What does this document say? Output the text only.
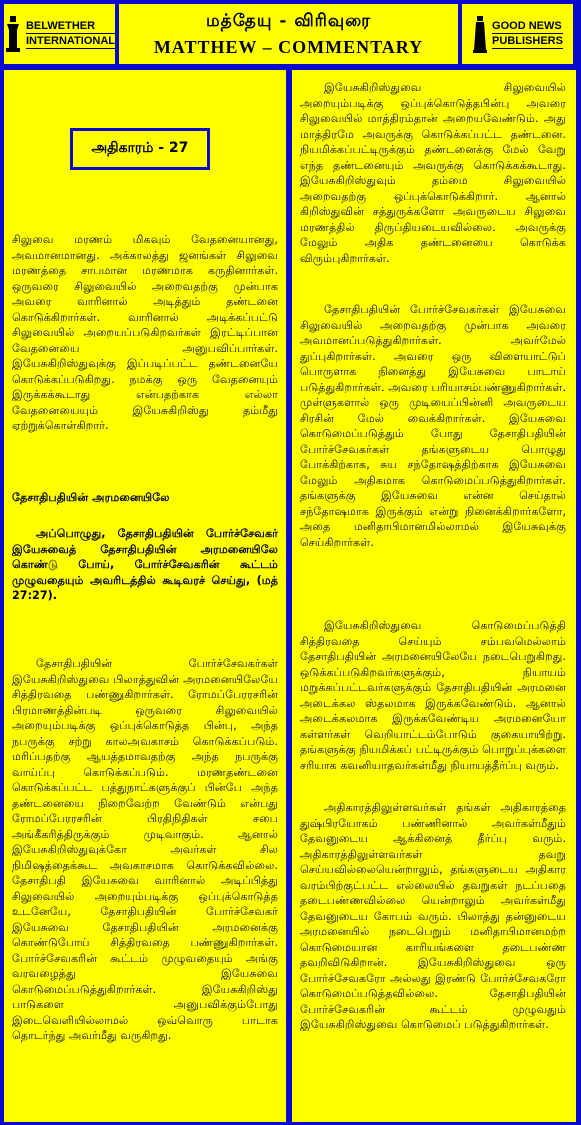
BELWETHER
INTERNATIONAL
மத்தேயு - விரிவுரை
MATTHEW – COMMENTARY
GOOD NEWS
PUBLISHERS
அதிகாரம் - 27

சிலுவை மரணம் மிகவும் வேதனையானது, அவமானமானது. அக்காலத்து ஜனங்கள் சிலுவை மரணத்தை சாபமான மரணமாக கருதினார்கள். ஒருவரை சிலுவையில் அறைவதற்கு முன்பாக அவரை வாரினால் அடித்தும் தண்டனை கொடுக்கிறார்கள். வாரினால் அடிக்கப்பட்டு சிலுவையில் அறையப்படுகிறவர்கள் இரட்டிப்பான வேதனையை அனுபவிப்பார்கள். இயேசுகிறிஸ்துவுக்கு இப்படிப்பட்ட தண்டனையே கொடுக்கப்படுகிறது. நமக்கு ஒரு வேதனையும் இருக்கக்கூடாது என்பதற்காக எல்லா வேதனையையும் இயேசுகிறிஸ்து தம்மீது ஏற்றுக்கொள்கிறார்.

தேசாதிபதியின் அரமனையிலே

அப்பொழுது, தேசாதிபதியின் போர்ச்சேவகர் இயேசுவைத் தேசாதிபதியின் அரமனையிலே கொண்டு போய், போர்ச்சேவகரின் கூட்டம் முழுவதையும் அவரிடத்தில் கூடிவரச் செய்து, (மத் 27:27).

தேசாதிபதியின் போர்ச்சேவகர்கள் இயேசுகிறிஸ்துவை பிலாத்துவின் அரமனையிலேயே சித்திரவதை பண்ணுகிறார்கள். ரோமப்பேரரசரின் பிரமாணத்தின்படி ஒருவரை சிலுவையில் அறையும்படிக்கு ஒப்புக்கொடுத்த பின்பு, அந்த நபருக்கு சற்று காலஅவகாசம் கொடுக்கப்படும். மரிப்பதற்கு ஆயத்தமாவதற்கு அந்த நபருக்கு வாய்ப்பு கொடுக்கப்படும். மரணதண்டனை கொடுக்கப்பட்ட பத்துநாட்களுக்குப் பின்பே அந்த தண்டனையை நிறைவேற்ற வேண்டும் என்பது ரோமப்பேரரசரின் பிரதிநிதிகள் சபை அங்கீகரித்திருக்கும் முடிவாகும். ஆனால் இயேசுகிறிஸ்துவுக்கோ அவர்கள் சில நிமிஷத்தைக்கூட அவகாசமாக கொடுக்கவில்லை. தேசாதிபதி இயேசுவை வாரினால் அடிப்பித்து சிலுவையில் அறையும்படிக்கு ஒப்புக்கொடுத்த உடனேயே, தேசாதிபதியின் போர்ச்சேவகர் இயேசுவை தேசாதிபதியின் அரமனைக்கு கொண்டுபோய் சித்திரவதை பண்ணுகிறார்கள். போர்ச்சேவகரின் கூட்டம் முழுவதையும் அங்கு வரவழைத்து இயேசுவை கொடுமைப்படுத்துகிறார்கள். இயேசுகிறிஸ்து பாடுகளை அனுபவிக்கும்போது இடைவெளியில்லாமல் ஒவ்வொரு பாடாக தொடர்ந்து அவர்மீது வருகிறது.

இயேசுகிறிஸ்துவை சிலுவையில் அறையும்படிக்கு ஒப்புக்கொடுத்தபின்பு அவரை சிலுவையில் மாத்திரம்தான் அறையவேண்டும். அது மாத்திரமே அவருக்கு கொடுக்கப்பட்ட தண்டனை. நியமிக்கப்பட்டிருக்கும் தண்டனைக்கு மேல் வேறு எந்த தண்டனையும் அவருக்கு கொடுக்கக்கூடாது. இயேசுகிறிஸ்துவும் தம்மை சிலுவையில் அறைவதற்கு ஒப்புக்கொடுக்கிறார். ஆனால் கிறிஸ்துவின் சத்துருக்களோ அவருடைய சிலுவை மரணத்தில் திருப்தியடையவில்லை. அவருக்கு மேலும் அதிக தண்டனையை கொடுக்க விரும்புகிறார்கள்.

தேசாதிபதியின் போர்ச்சேவகர்கள் இயேசுவை சிலுவையில் அறைவதற்கு முன்பாக அவரை அவமானப்படுத்துகிறார்கள். அவர்மேல் துப்புகிறார்கள். அவரை ஒரு விளையாட்டுப் பொருளாக நினைத்து இயேசுவை பாடாய் படுத்துகிறார்கள். அவரை பரியாசம்பண்ணுகிறார்கள். முள்ளுகளால் ஒரு முடியைப்பின்னி அவருடைய சிரசின் மேல் வைக்கிறார்கள். இயேசுவை கொடுமைப்படுத்தும் போது தேசாதிபதியின் போர்ச்சேவகர்கள் தங்களுடைய பொழுது போக்கிற்காக, சுய சந்தோஷத்திற்காக இயேசுவை மேலும் அதிகமாக கொடுமைப்படுத்துகிறார்கள். தங்களுக்கு இயேசுவை என்ன செய்தால் சந்தோஷமாக இருக்கும் என்று நினைக்கிறார்களோ, அதை மனிதாபிமானமில்லாமல் இயேசுவுக்கு செய்கிறார்கள்.

இயேசுகிறிஸ்துவை கொடுமைப்படுத்தி சித்திரவதை செய்யும் சம்பவமெல்லாம் தேசாதிபதியின் அரமனையிலேயே நடைபெறுகிறது. ஒடுக்கப்படுகிறவர்களுக்கும், நியாயம் மறுக்கப்பட்டவர்களுக்கும் தேசாதிபதியின் அரமனை அடைக்கல ஸ்தலமாக இருக்கவேண்டும். ஆனால் அடைக்கலமாக இருக்கவேண்டிய அரமனையோ கள்ளர்கள் வெறியாட்டம்போடும் குகையாயிற்று. தங்களுக்கு நியமிக்கப் பட்டிருக்கும் பொறுப்புக்களை சரியாக கவனியாதவர்கள்மீது நியாயத்தீர்ப்பு வரும்.

அதிகாரத்திலுள்ளவர்கள் தங்கள் அதிகாரத்தை துஷ்பிரயோகம் பண்ணினால் அவர்கள்மீதும் தேவனுடைய ஆக்கினைத் தீர்ப்பு வரும். அதிகாரத்திலுள்ளவர்கள் தவறு செய்யவில்லையென்றாலும், தங்களுடைய அதிகார வரம்பிற்குட்பட்ட எல்லையில் தவறுகள் நடப்பதை தடைபண்ணவில்லை யென்றாலும் அவர்கள்மீது தேவனுடைய கோபம் வரும். பிலாத்து தன்னுடைய அரமனையில் நடைபெறும் மனிதாபிமானமற்ற கொடுமையான காரியங்களை தடைபண்ண தவறிவிடுகிறான். இயேசுகிறிஸ்துவை ஒரு போர்ச்சேவகரோ அல்லது இரண்டு போர்ச்சேவகரோ கொடுமைப்படுத்தவில்லை. தேசாதிபதியின் போர்ச்சேவகரின் கூட்டம் முழுவதும் இயேசுகிறிஸ்துவை கொடுமைப் படுத்துகிறார்கள்.
